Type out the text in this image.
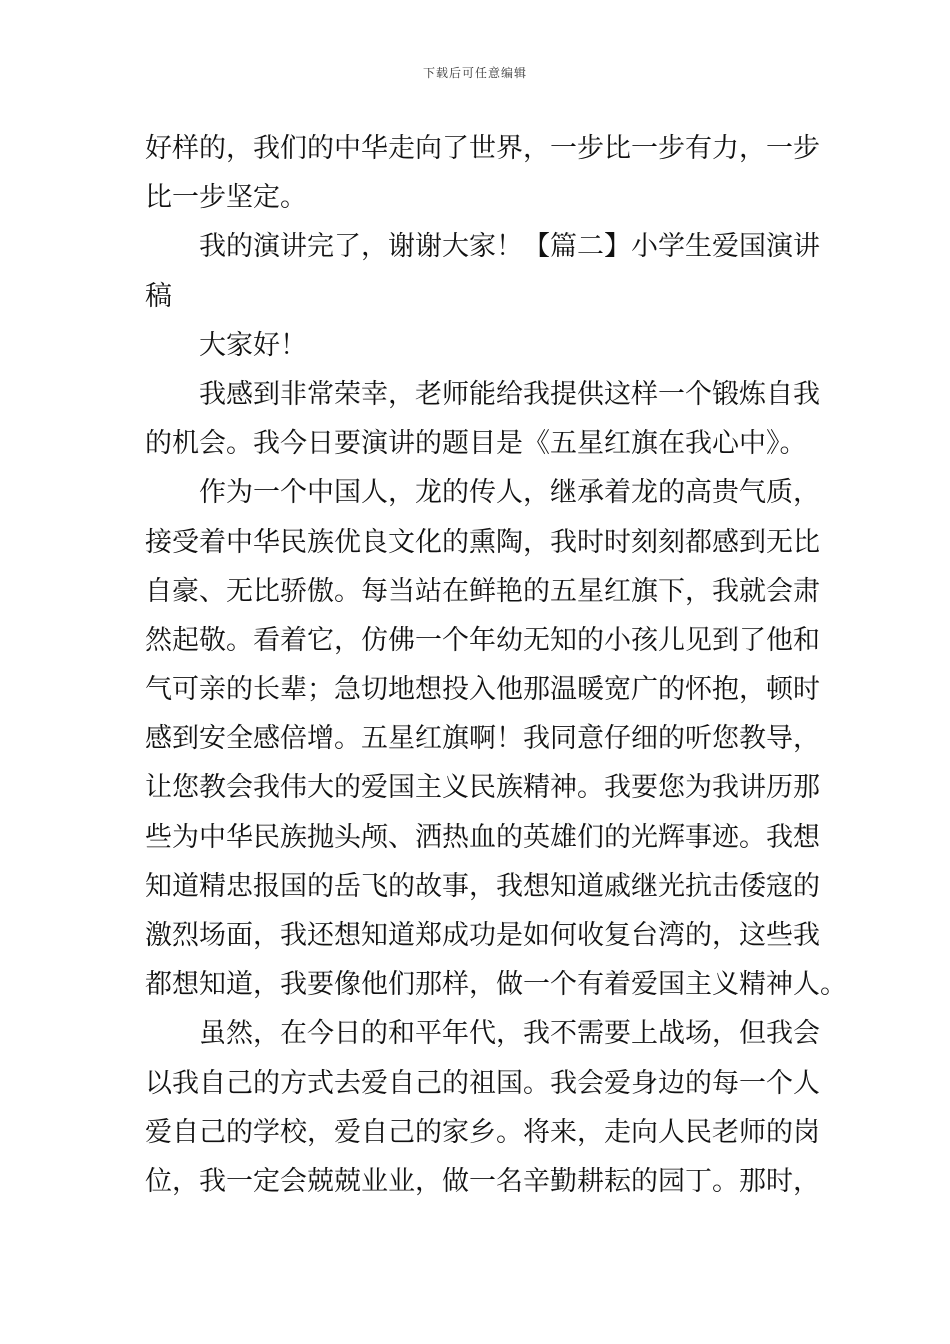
下载后可任意编辑
好样的，我们的中华走向了世界，一步比一步有力，一步
比一步坚定。
我的演讲完了，谢谢大家！【篇二】小学生爱国演讲
稿
大家好！
我感到非常荣幸，老师能给我提供这样一个锻炼自我
的机会。我今日要演讲的题目是《五星红旗在我心中》。
作为一个中国人，龙的传人，继承着龙的高贵气质，
接受着中华民族优良文化的熏陶，我时时刻刻都感到无比
自豪、无比骄傲。每当站在鲜艳的五星红旗下，我就会肃
然起敬。看着它，仿佛一个年幼无知的小孩儿见到了他和
气可亲的长辈；急切地想投入他那温暖宽广的怀抱，顿时
感到安全感倍增。五星红旗啊！我同意仔细的听您教导，
让您教会我伟大的爱国主义民族精神。我要您为我讲历那
些为中华民族抛头颅、洒热血的英雄们的光辉事迹。我想
知道精忠报国的岳飞的故事，我想知道戚继光抗击倭寇的
激烈场面，我还想知道郑成功是如何收复台湾的，这些我
都想知道，我要像他们那样，做一个有着爱国主义精神人。
虽然，在今日的和平年代，我不需要上战场，但我会
以我自己的方式去爱自己的祖国。我会爱身边的每一个人
爱自己的学校，爱自己的家乡。将来，走向人民老师的岗
位，我一定会兢兢业业，做一名辛勤耕耘的园丁。那时，
